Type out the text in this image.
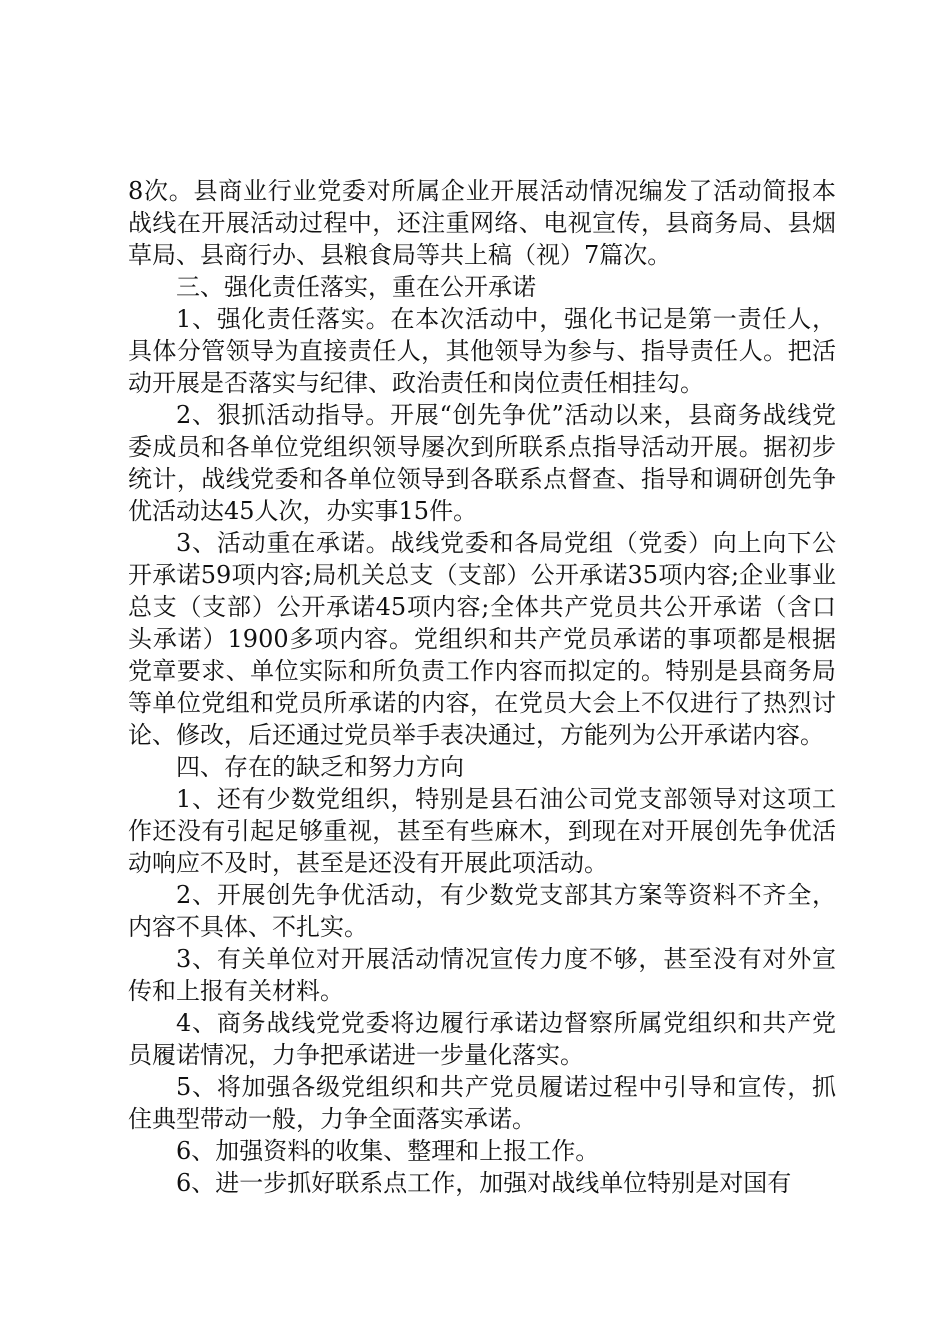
8次。县商业行业党委对所属企业开展活动情况编发了活动简报本战线在开展活动过程中，还注重网络、电视宣传，县商务局、县烟草局、县商行办、县粮食局等共上稿（视）7篇次。

三、强化责任落实，重在公开承诺

1、强化责任落实。在本次活动中，强化书记是第一责任人，具体分管领导为直接责任人，其他领导为参与、指导责任人。把活动开展是否落实与纪律、政治责任和岗位责任相挂勾。

2、狠抓活动指导。开展“创先争优”活动以来，县商务战线党委成员和各单位党组织领导屡次到所联系点指导活动开展。据初步统计，战线党委和各单位领导到各联系点督查、指导和调研创先争优活动达45人次，办实事15件。

3、活动重在承诺。战线党委和各局党组（党委）向上向下公开承诺59项内容;局机关总支（支部）公开承诺35项内容;企业事业总支（支部）公开承诺45项内容;全体共产党员共公开承诺（含口头承诺）1900多项内容。党组织和共产党员承诺的事项都是根据党章要求、单位实际和所负责工作内容而拟定的。特别是县商务局等单位党组和党员所承诺的内容，在党员大会上不仅进行了热烈讨论、修改，后还通过党员举手表决通过，方能列为公开承诺内容。

四、存在的缺乏和努力方向

1、还有少数党组织，特别是县石油公司党支部领导对这项工作还没有引起足够重视，甚至有些麻木，到现在对开展创先争优活动响应不及时，甚至是还没有开展此项活动。

2、开展创先争优活动，有少数党支部其方案等资料不齐全，内容不具体、不扎实。

3、有关单位对开展活动情况宣传力度不够，甚至没有对外宣传和上报有关材料。

4、商务战线党党委将边履行承诺边督察所属党组织和共产党员履诺情况，力争把承诺进一步量化落实。

5、将加强各级党组织和共产党员履诺过程中引导和宣传，抓住典型带动一般，力争全面落实承诺。

6、加强资料的收集、整理和上报工作。

6、进一步抓好联系点工作，加强对战线单位特别是对国有
